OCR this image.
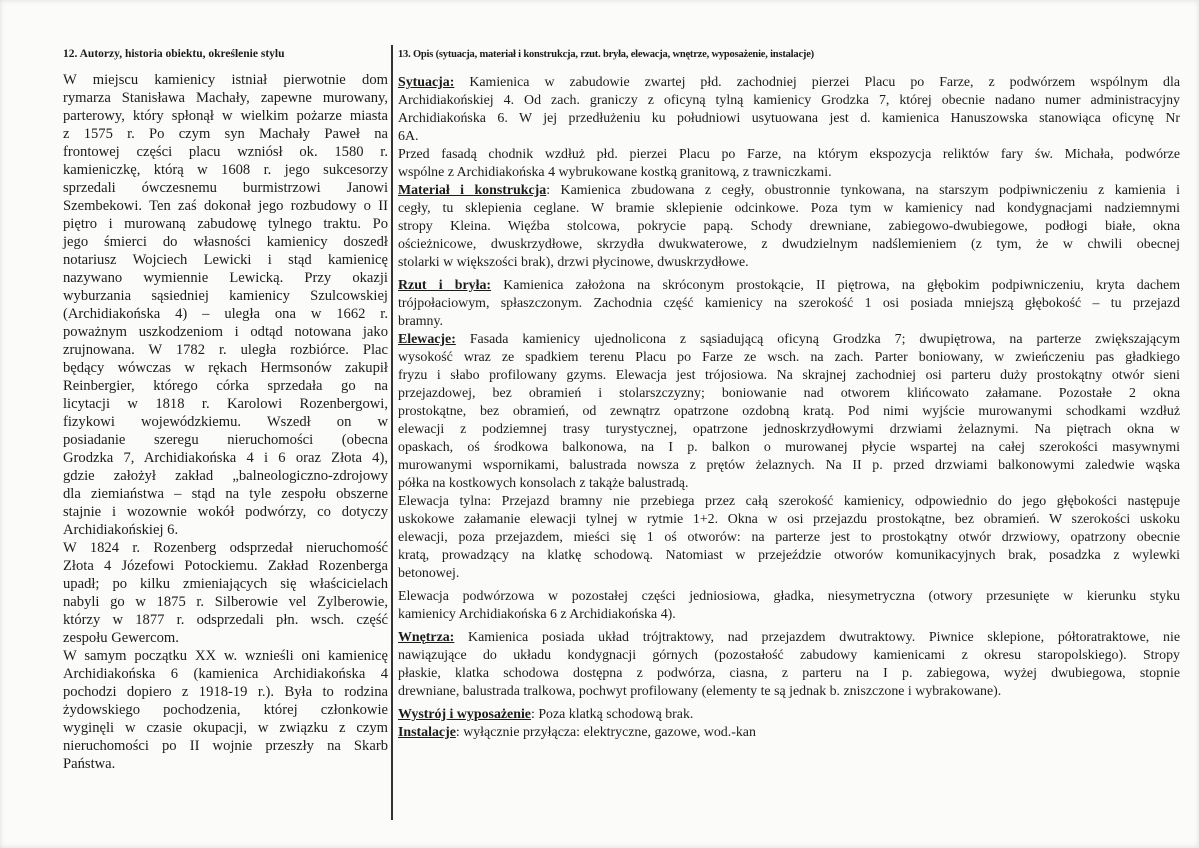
12. Autorzy, historia obiektu, określenie stylu	13. Opis (sytuacja, materiał i konstrukcja, rzut. bryła, elewacja, wnętrze, wyposażenie, instalacje)
W miejscu kamienicy istniał pierwotnie dom
rymarza Stanisława Machały, zapewne murowany,
parterowy, który spłonął w wielkim pożarze miasta
z 1575 r. Po czym syn Machały Paweł na
frontowej części placu wzniósł ok. 1580 r.
kamieniczkę, którą w 1608 r. jego sukcesorzy
sprzedali ówczesnemu burmistrzowi Janowi
Szembekowi. Ten zaś dokonał jego rozbudowy o II
piętro i murowaną zabudowę tylnego traktu. Po
jego śmierci do własności kamienicy doszedł
notariusz Wojciech Lewicki i stąd kamienicę
nazywano wymiennie Lewicką. Przy okazji
wyburzania sąsiedniej kamienicy Szulcowskiej
(Archidiakońska 4) – uległa ona w 1662 r.
poważnym uszkodzeniom i odtąd notowana jako
zrujnowana. W 1782 r. uległa rozbiórce. Plac
będący wówczas w rękach Hermsonów zakupił
Reinbergier, którego córka sprzedała go na
licytacji w 1818 r. Karolowi Rozenbergowi,
fizykowi wojewódzkiemu. Wszedł on w
posiadanie szeregu nieruchomości (obecna
Grodzka 7, Archidiakońska 4 i 6 oraz Złota 4),
gdzie założył zakład „balneologiczno-zdrojowy
dla ziemiaństwa – stąd na tyle zespołu obszerne
stajnie i wozownie wokół podwórzy, co dotyczy
Archidiakońskiej 6.
W 1824 r. Rozenberg odsprzedał nieruchomość
Złota 4 Józefowi Potockiemu. Zakład Rozenberga
upadł; po kilku zmieniających się właścicielach
nabyli go w 1875 r. Silberowie vel Zylberowie,
którzy w 1877 r. odsprzedali płn. wsch. część
zespołu Gewercom.
W samym początku XX w. wznieśli oni kamienicę
Archidiakońska 6 (kamienica Archidiakońska 4
pochodzi dopiero z 1918-19 r.). Była to rodzina
żydowskiego pochodzenia, której członkowie
wyginęli w czasie okupacji, w związku z czym
nieruchomości po II wojnie przeszły na Skarb
Państwa.
Sytuacja: Kamienica w zabudowie zwartej płd. zachodniej pierzei Placu po Farze, z podwórzem wspólnym dla
Archidiakońskiej 4. Od zach. graniczy z oficyną tylną kamienicy Grodzka 7, której obecnie nadano numer administracyjny
Archidiakońska 6. W jej przedłużeniu ku południowi usytuowana jest d. kamienica Hanuszowska stanowiąca oficynę Nr
6A.
Przed fasadą chodnik wzdłuż płd. pierzei Placu po Farze, na którym ekspozycja reliktów fary św. Michała, podwórze
wspólne z Archidiakońska 4 wybrukowane kostką granitową, z trawniczkami.
Materiał i konstrukcja: Kamienica zbudowana z cegły, obustronnie tynkowana, na starszym podpiwniczeniu z kamienia i
cegły, tu sklepienia ceglane. W bramie sklepienie odcinkowe. Poza tym w kamienicy nad kondygnacjami nadziemnymi
stropy Kleina. Więźba stolcowa, pokrycie papą. Schody drewniane, zabiegowo-dwubiegowe, podłogi białe, okna
ościeżnicowe, dwuskrzydłowe, skrzydła dwukwaterowe, z dwudzielnym nadślemieniem (z tym, że w chwili obecnej
stolarki w większości brak), drzwi płycinowe, dwuskrzydłowe.
Rzut i bryła: Kamienica założona na skróconym prostokącie, II piętrowa, na głębokim podpiwniczeniu, kryta dachem
trójpołaciowym, spłaszczonym. Zachodnia część kamienicy na szerokość 1 osi posiada mniejszą głębokość – tu przejazd
bramny.
Elewacje: Fasada kamienicy ujednolicona z sąsiadującą oficyną Grodzka 7; dwupiętrowa, na parterze zwiększającym
wysokość wraz ze spadkiem terenu Placu po Farze ze wsch. na zach. Parter boniowany, w zwieńczeniu pas gładkiego
fryzu i słabo profilowany gzyms. Elewacja jest trójosiowa. Na skrajnej zachodniej osi parteru duży prostokątny otwór sieni
przejazdowej, bez obramień i stolarszczyzny; boniowanie nad otworem klińcowato załamane. Pozostałe 2 okna
prostokątne, bez obramień, od zewnątrz opatrzone ozdobną kratą. Pod nimi wyjście murowanymi schodkami wzdłuż
elewacji z podziemnej trasy turystycznej, opatrzone jednoskrzydłowymi drzwiami żelaznymi. Na piętrach okna w
opaskach, oś środkowa balkonowa, na I p. balkon o murowanej płycie wspartej na całej szerokości masywnymi
murowanymi wspornikami, balustrada nowsza z prętów żelaznych. Na II p. przed drzwiami balkonowymi zaledwie wąska
półka na kostkowych konsolach z takąże balustradą.
Elewacja tylna: Przejazd bramny nie przebiega przez całą szerokość kamienicy, odpowiednio do jego głębokości następuje
uskokowe załamanie elewacji tylnej w rytmie 1+2. Okna w osi przejazdu prostokątne, bez obramień. W szerokości uskoku
elewacji, poza przejazdem, mieści się 1 oś otworów: na parterze jest to prostokątny otwór drzwiowy, opatrzony obecnie
kratą, prowadzący na klatkę schodową. Natomiast w przejeździe otworów komunikacyjnych brak, posadzka z wylewki
betonowej.
Elewacja podwórzowa w pozostałej części jedniosiowa, gładka, niesymetryczna (otwory przesunięte w kierunku styku
kamienicy Archidiakońska 6 z Archidiakońska 4).
Wnętrza: Kamienica posiada układ trójtraktowy, nad przejazdem dwutraktowy. Piwnice sklepione, półtoratraktowe, nie
nawiązujące do układu kondygnacji górnych (pozostałość zabudowy kamienicami z okresu staropolskiego). Stropy
płaskie, klatka schodowa dostępna z podwórza, ciasna, z parteru na I p. zabiegowa, wyżej dwubiegowa, stopnie
drewniane, balustrada tralkowa, pochwyt profilowany (elementy te są jednak b. zniszczone i wybrakowane).
Wystrój i wyposażenie: Poza klatką schodową brak.
Instalacje: wyłącznie przyłącza: elektryczne, gazowe, wod.-kan
